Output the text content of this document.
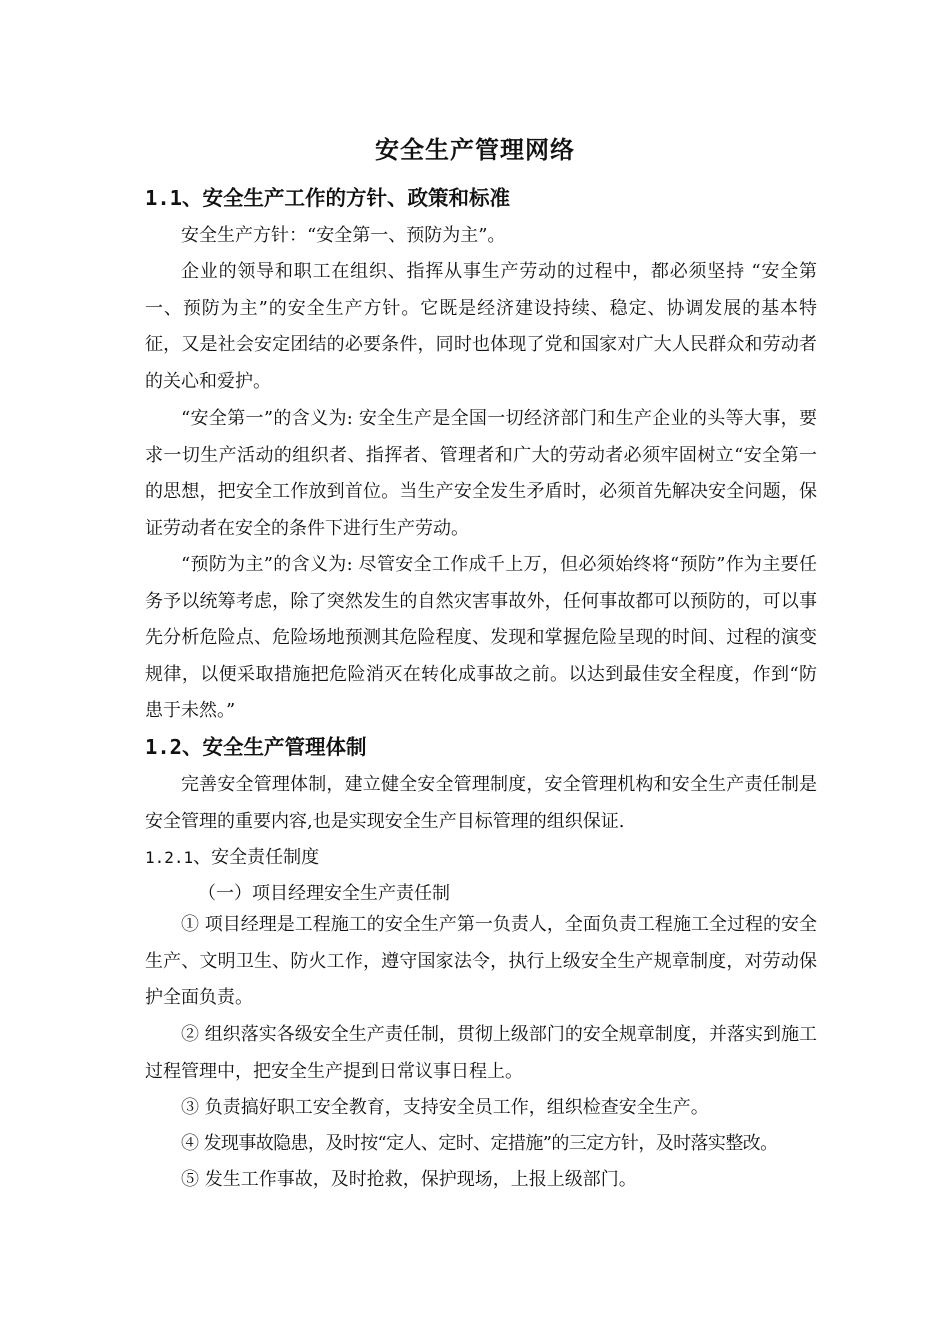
安全生产管理网络
1.1、安全生产工作的方针、政策和标准
安全生产方针：“安全第一、预防为主”。
企业的领导和职工在组织、指挥从事生产劳动的过程中，都必须坚持 “安全第一、预防为主”的安全生产方针。它既是经济建设持续、稳定、协调发展的基本特征，又是社会安定团结的必要条件，同时也体现了党和国家对广大人民群众和劳动者的关心和爱护。
“安全第一”的含义为: 安全生产是全国一切经济部门和生产企业的头等大事，要求一切生产活动的组织者、指挥者、管理者和广大的劳动者必须牢固树立“安全第一的思想，把安全工作放到首位。当生产安全发生矛盾时，必须首先解决安全问题，保证劳动者在安全的条件下进行生产劳动。
“预防为主”的含义为: 尽管安全工作成千上万，但必须始终将“预防”作为主要任务予以统筹考虑，除了突然发生的自然灾害事故外，任何事故都可以预防的，可以事先分析危险点、危险场地预测其危险程度、发现和掌握危险呈现的时间、过程的演变规律，以便采取措施把危险消灭在转化成事故之前。以达到最佳安全程度，作到“防患于未然。”
1.2、安全生产管理体制
完善安全管理体制，建立健全安全管理制度，安全管理机构和安全生产责任制是安全管理的重要内容,也是实现安全生产目标管理的组织保证.
1.2.1、安全责任制度
（一）项目经理安全生产责任制
① 项目经理是工程施工的安全生产第一负责人，全面负责工程施工全过程的安全生产、文明卫生、防火工作，遵守国家法令，执行上级安全生产规章制度，对劳动保护全面负责。
② 组织落实各级安全生产责任制，贯彻上级部门的安全规章制度，并落实到施工过程管理中，把安全生产提到日常议事日程上。
③ 负责搞好职工安全教育，支持安全员工作，组织检查安全生产。
④ 发现事故隐患，及时按“定人、定时、定措施”的三定方针，及时落实整改。
⑤ 发生工作事故，及时抢救，保护现场，上报上级部门。
